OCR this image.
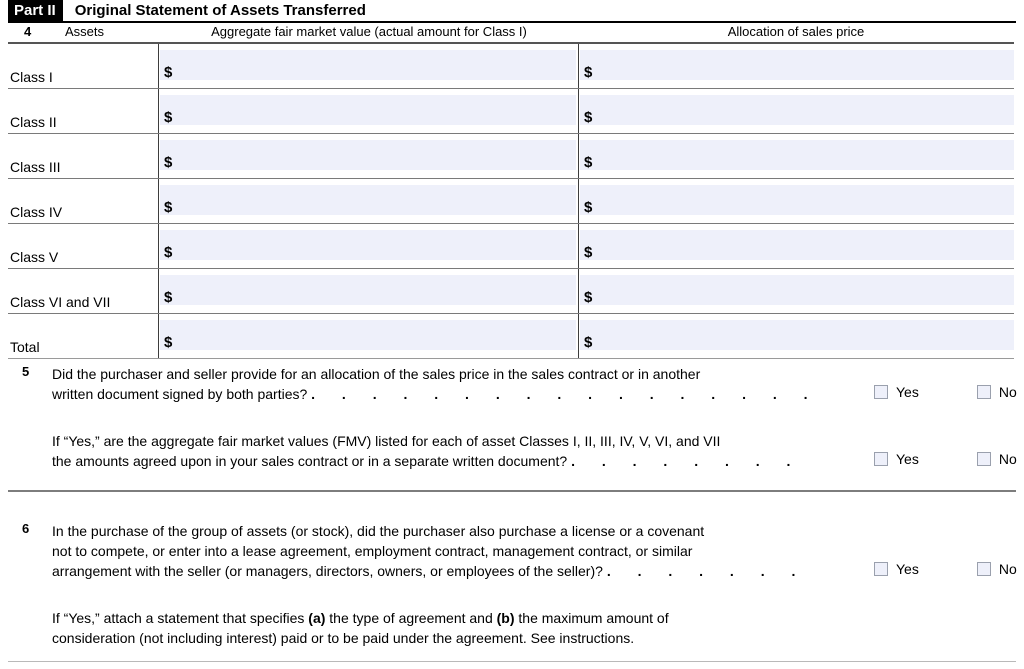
Part II	Original Statement of Assets Transferred
4	Assets	Aggregate fair market value (actual amount for Class I)	Allocation of sales price
Class I	$	$
Class II	$	$
Class III	$	$
Class IV	$	$
Class V	$	$
Class VI and VII	$	$
Total	$	$
5 Did the purchaser and seller provide for an allocation of the sales price in the sales contract or in another
written document signed by both parties? . . . . . . . . . . . . . . . . .	Yes	No
If “Yes,” are the aggregate fair market values (FMV) listed for each of asset Classes I, II, III, IV, V, VI, and VII
the amounts agreed upon in your sales contract or in a separate written document? . . . . . . . .	Yes	No
6 In the purchase of the group of assets (or stock), did the purchaser also purchase a license or a covenant
not to compete, or enter into a lease agreement, employment contract, management contract, or similar
arrangement with the seller (or managers, directors, owners, or employees of the seller)? . . . . . . .	Yes	No
If “Yes,” attach a statement that specifies (a) the type of agreement and (b) the maximum amount of
consideration (not including interest) paid or to be paid under the agreement. See instructions.
